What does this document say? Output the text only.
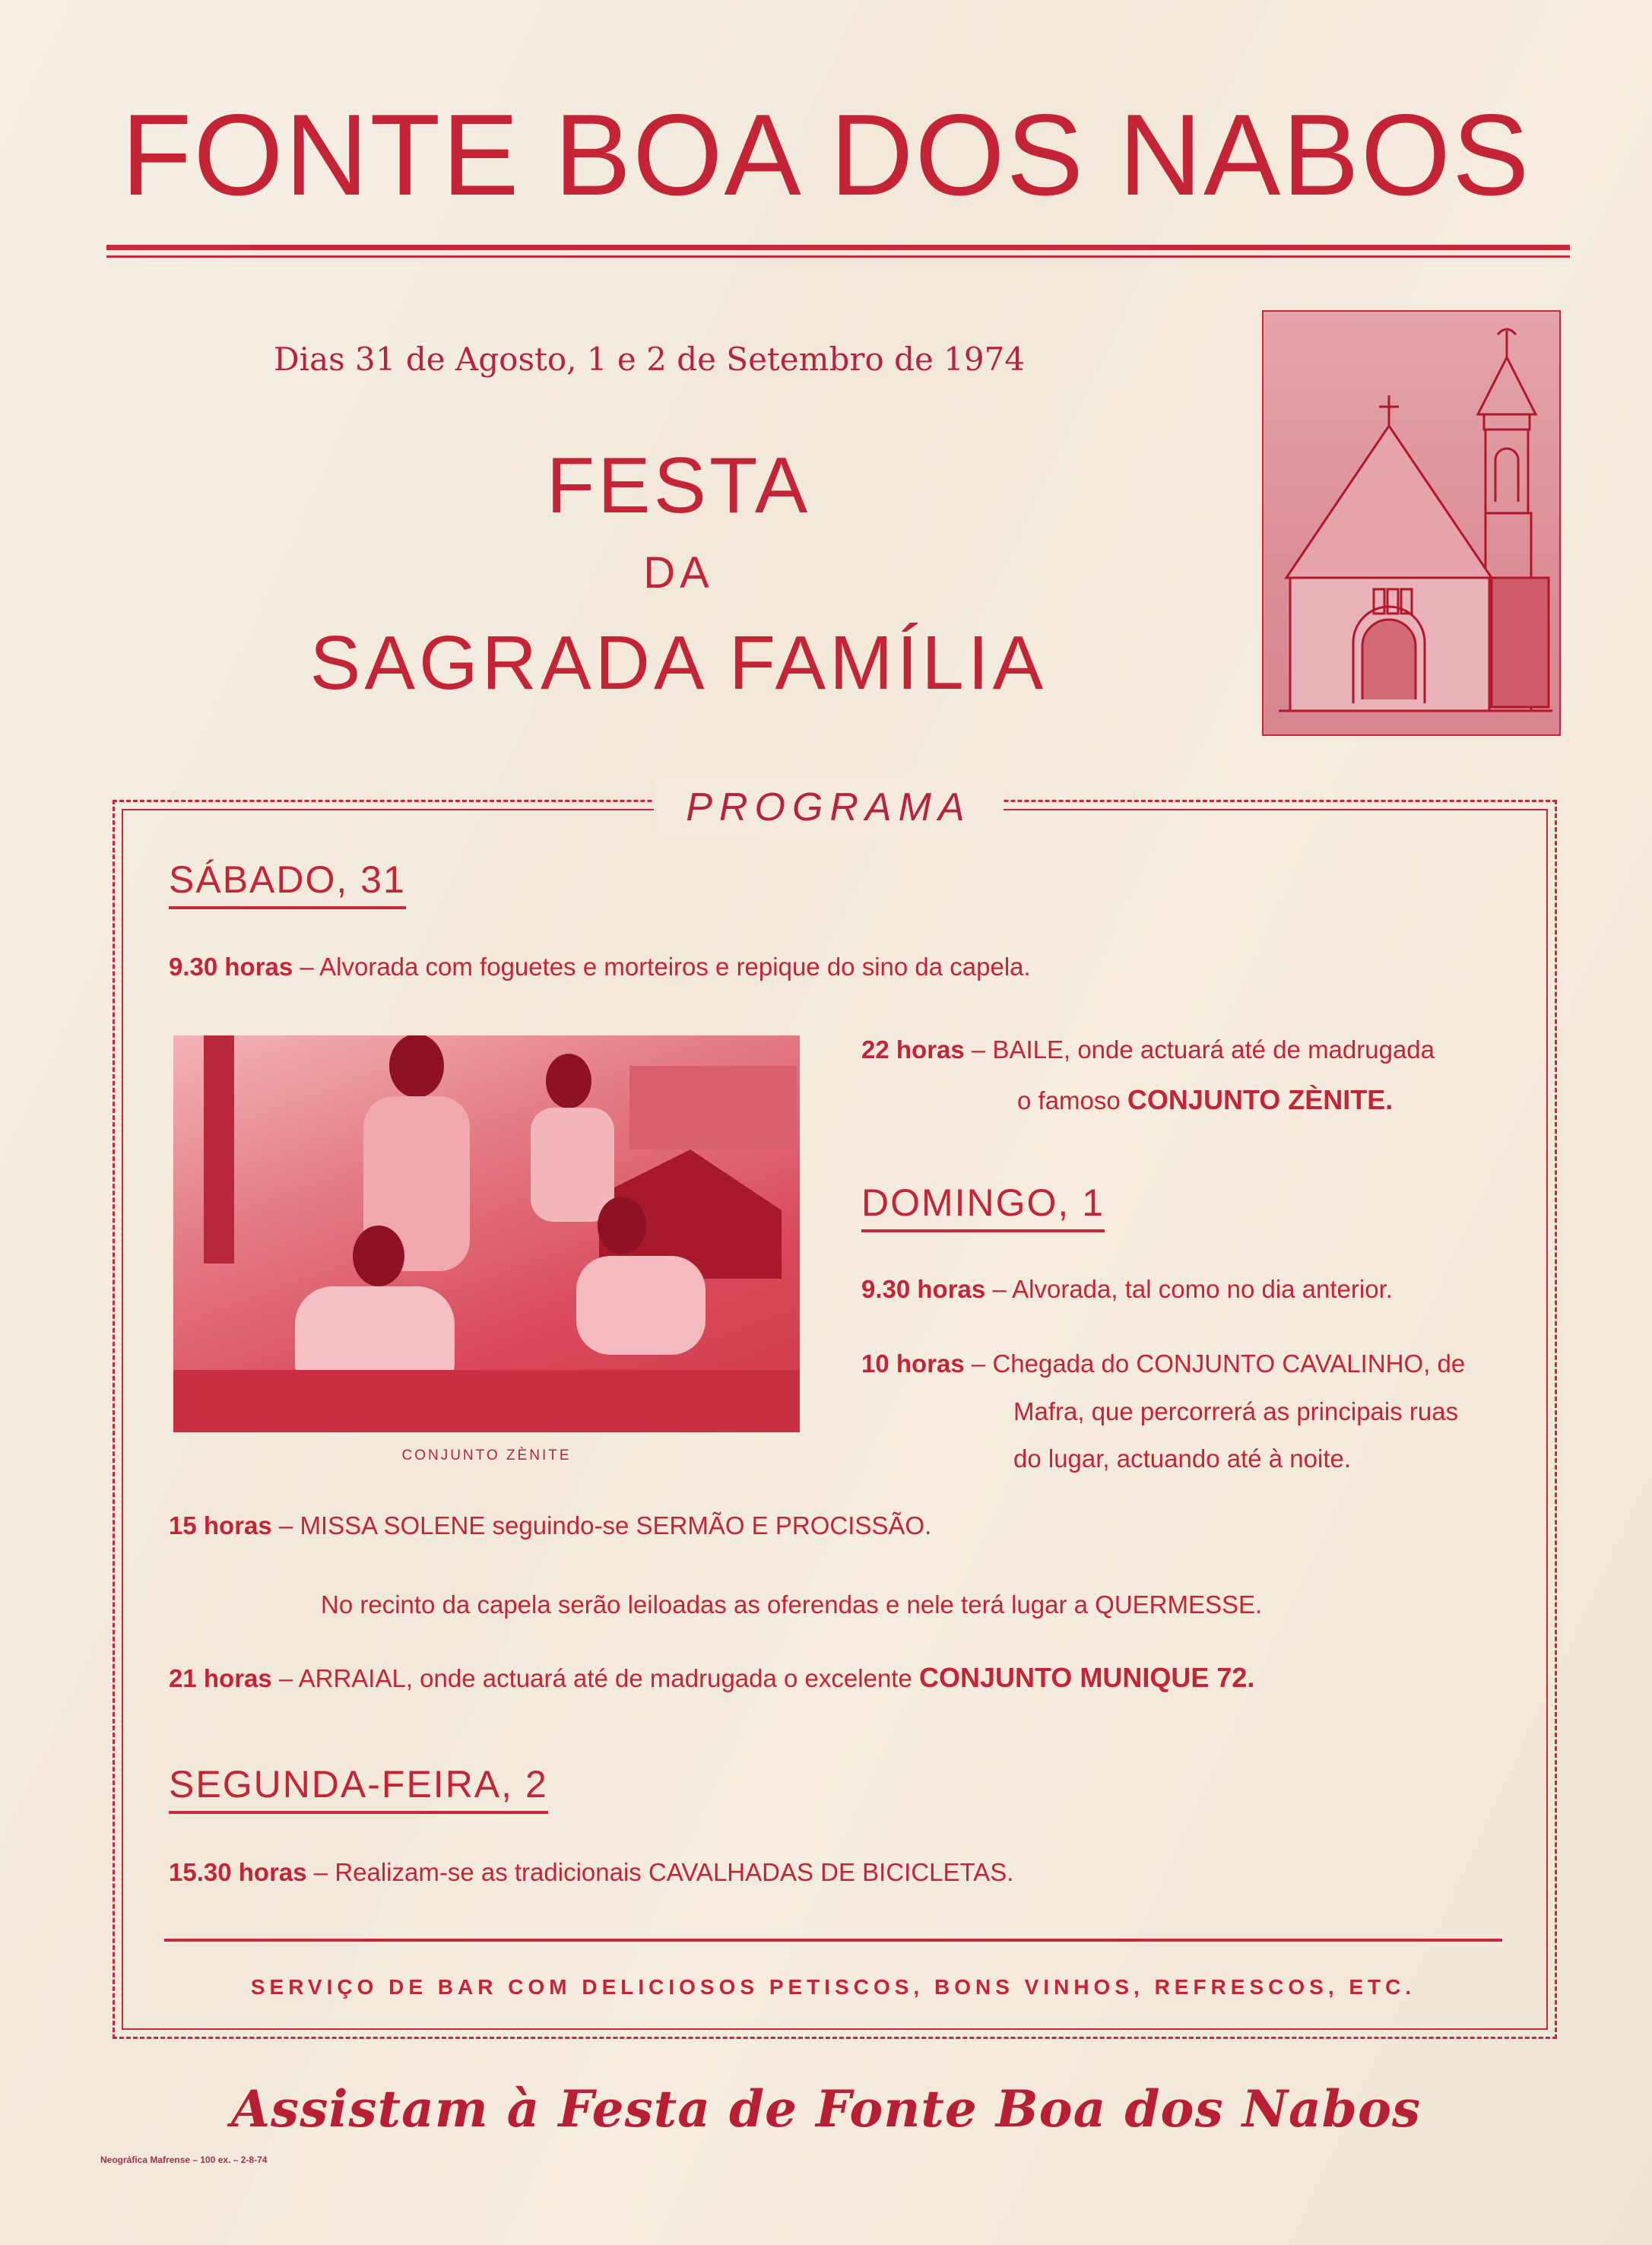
FONTE BOA DOS NABOS
Dias 31 de Agosto, 1 e 2 de Setembro de 1974
FESTA
DA
SAGRADA FAMÍLIA
PROGRAMA
SÁBADO, 31
9.30 horas – Alvorada com foguetes e morteiros e repique do sino da capela.
CONJUNTO ZÈNITE
22 horas – BAILE, onde actuará até de madrugada
o famoso CONJUNTO ZÈNITE.
DOMINGO, 1
9.30 horas – Alvorada, tal como no dia anterior.
10 horas – Chegada do CONJUNTO CAVALINHO, de
Mafra, que percorrerá as principais ruas
do lugar, actuando até à noite.
15 horas – MISSA SOLENE seguindo-se SERMÃO E PROCISSÃO.
No recinto da capela serão leiloadas as oferendas e nele terá lugar a QUERMESSE.
21 horas – ARRAIAL, onde actuará até de madrugada o excelente CONJUNTO MUNIQUE 72.
SEGUNDA-FEIRA, 2
15.30 horas – Realizam-se as tradicionais CAVALHADAS DE BICICLETAS.
SERVIÇO DE BAR COM DELICIOSOS PETISCOS, BONS VINHOS, REFRESCOS, ETC.
Assistam à Festa de Fonte Boa dos Nabos
Neográfica Mafrense – 100 ex. – 2-8-74
